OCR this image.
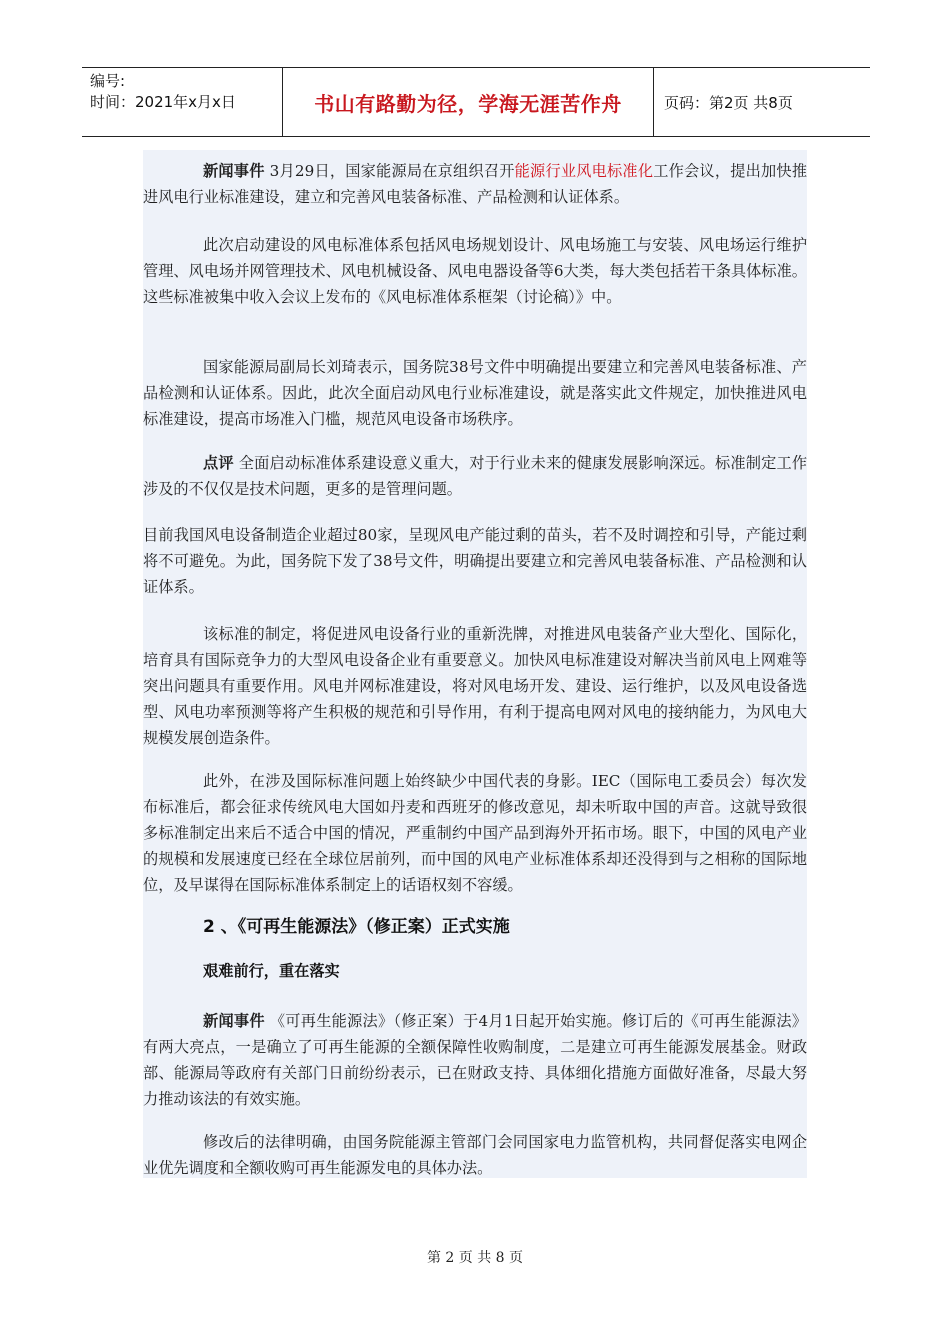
编号:
时间：2021年x月x日	书山有路勤为径，学海无涯苦作舟	页码：第2页 共8页

新闻事件 3月29日，国家能源局在京组织召开能源行业风电标准化工作会议，提出加快推进风电行业标准建设，建立和完善风电装备标准、产品检测和认证体系。

此次启动建设的风电标准体系包括风电场规划设计、风电场施工与安装、风电场运行维护管理、风电场并网管理技术、风电机械设备、风电电器设备等6大类，每大类包括若干条具体标准。这些标准被集中收入会议上发布的《风电标准体系框架（讨论稿）》中。

国家能源局副局长刘琦表示，国务院38号文件中明确提出要建立和完善风电装备标准、产品检测和认证体系。因此，此次全面启动风电行业标准建设，就是落实此文件规定，加快推进风电标准建设，提高市场准入门槛，规范风电设备市场秩序。

点评 全面启动标准体系建设意义重大，对于行业未来的健康发展影响深远。标准制定工作涉及的不仅仅是技术问题，更多的是管理问题。

目前我国风电设备制造企业超过80家，呈现风电产能过剩的苗头，若不及时调控和引导，产能过剩将不可避免。为此，国务院下发了38号文件，明确提出要建立和完善风电装备标准、产品检测和认证体系。

该标准的制定，将促进风电设备行业的重新洗牌，对推进风电装备产业大型化、国际化，培育具有国际竞争力的大型风电设备企业有重要意义。加快风电标准建设对解决当前风电上网难等突出问题具有重要作用。风电并网标准建设，将对风电场开发、建设、运行维护，以及风电设备选型、风电功率预测等将产生积极的规范和引导作用，有利于提高电网对风电的接纳能力，为风电大规模发展创造条件。

此外，在涉及国际标准问题上始终缺少中国代表的身影。IEC（国际电工委员会）每次发布标准后，都会征求传统风电大国如丹麦和西班牙的修改意见，却未听取中国的声音。这就导致很多标准制定出来后不适合中国的情况，严重制约中国产品到海外开拓市场。眼下，中国的风电产业的规模和发展速度已经在全球位居前列，而中国的风电产业标准体系却还没得到与之相称的国际地位，及早谋得在国际标准体系制定上的话语权刻不容缓。

2 、《可再生能源法》（修正案）正式实施

艰难前行，重在落实

新闻事件 《可再生能源法》（修正案）于4月1日起开始实施。修订后的《可再生能源法》有两大亮点，一是确立了可再生能源的全额保障性收购制度，二是建立可再生能源发展基金。财政部、能源局等政府有关部门日前纷纷表示，已在财政支持、具体细化措施方面做好准备，尽最大努力推动该法的有效实施。

修改后的法律明确，由国务院能源主管部门会同国家电力监管机构，共同督促落实电网企业优先调度和全额收购可再生能源发电的具体办法。

第 2 页 共 8 页
